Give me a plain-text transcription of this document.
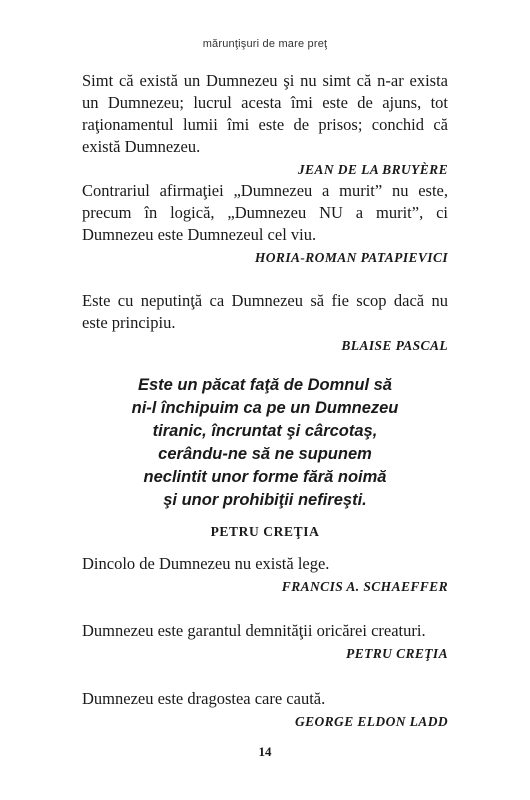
mărunţişuri de mare preţ

Simt că există un Dumnezeu şi nu simt că n-ar exista un Dumnezeu; lucrul acesta îmi este de ajuns, tot raţionamentul lumii îmi este de prisos; conchid că există Dumnezeu.

JEAN DE LA BRUYÈRE

Contrariul afirmaţiei „Dumnezeu a murit” nu este, precum în logică, „Dumnezeu NU a murit”, ci Dumnezeu este Dumnezeul cel viu.

HORIA-ROMAN PATAPIEVICI

Este cu neputinţă ca Dumnezeu să fie scop dacă nu este principiu.

BLAISE PASCAL

Este un păcat faţă de Domnul să
ni-l închipuim ca pe un Dumnezeu
tiranic, încruntat şi cârcotaş,
cerându-ne să ne supunem
neclintit unor forme fără noimă
şi unor prohibiţii nefireşti.

PETRU CREŢIA

Dincolo de Dumnezeu nu există lege.

FRANCIS A. SCHAEFFER

Dumnezeu este garantul demnităţii oricărei creaturi.

PETRU CREŢIA

Dumnezeu este dragostea care caută.

GEORGE ELDON LADD

14
